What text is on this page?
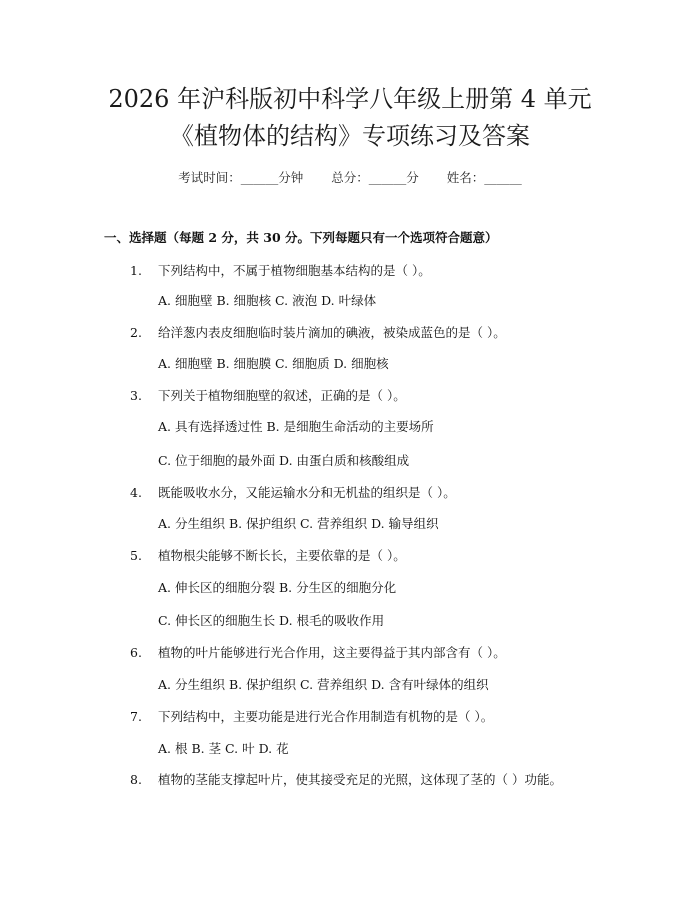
2026 年沪科版初中科学八年级上册第 4 单元
《植物体的结构》专项练习及答案
考试时间：______分钟 总分：______分 姓名：______
一、选择题（每题 2 分，共 30 分。下列每题只有一个选项符合题意）
1. 下列结构中，不属于植物细胞基本结构的是（ ）。
A. 细胞壁 B. 细胞核 C. 液泡 D. 叶绿体
2. 给洋葱内表皮细胞临时装片滴加的碘液，被染成蓝色的是（ ）。
A. 细胞壁 B. 细胞膜 C. 细胞质 D. 细胞核
3. 下列关于植物细胞壁的叙述，正确的是（ ）。
A. 具有选择透过性 B. 是细胞生命活动的主要场所
C. 位于细胞的最外面 D. 由蛋白质和核酸组成
4. 既能吸收水分，又能运输水分和无机盐的组织是（ ）。
A. 分生组织 B. 保护组织 C. 营养组织 D. 输导组织
5. 植物根尖能够不断长长，主要依靠的是（ ）。
A. 伸长区的细胞分裂 B. 分生区的细胞分化
C. 伸长区的细胞生长 D. 根毛的吸收作用
6. 植物的叶片能够进行光合作用，这主要得益于其内部含有（ ）。
A. 分生组织 B. 保护组织 C. 营养组织 D. 含有叶绿体的组织
7. 下列结构中，主要功能是进行光合作用制造有机物的是（ ）。
A. 根 B. 茎 C. 叶 D. 花
8. 植物的茎能支撑起叶片，使其接受充足的光照，这体现了茎的（ ）功能。
